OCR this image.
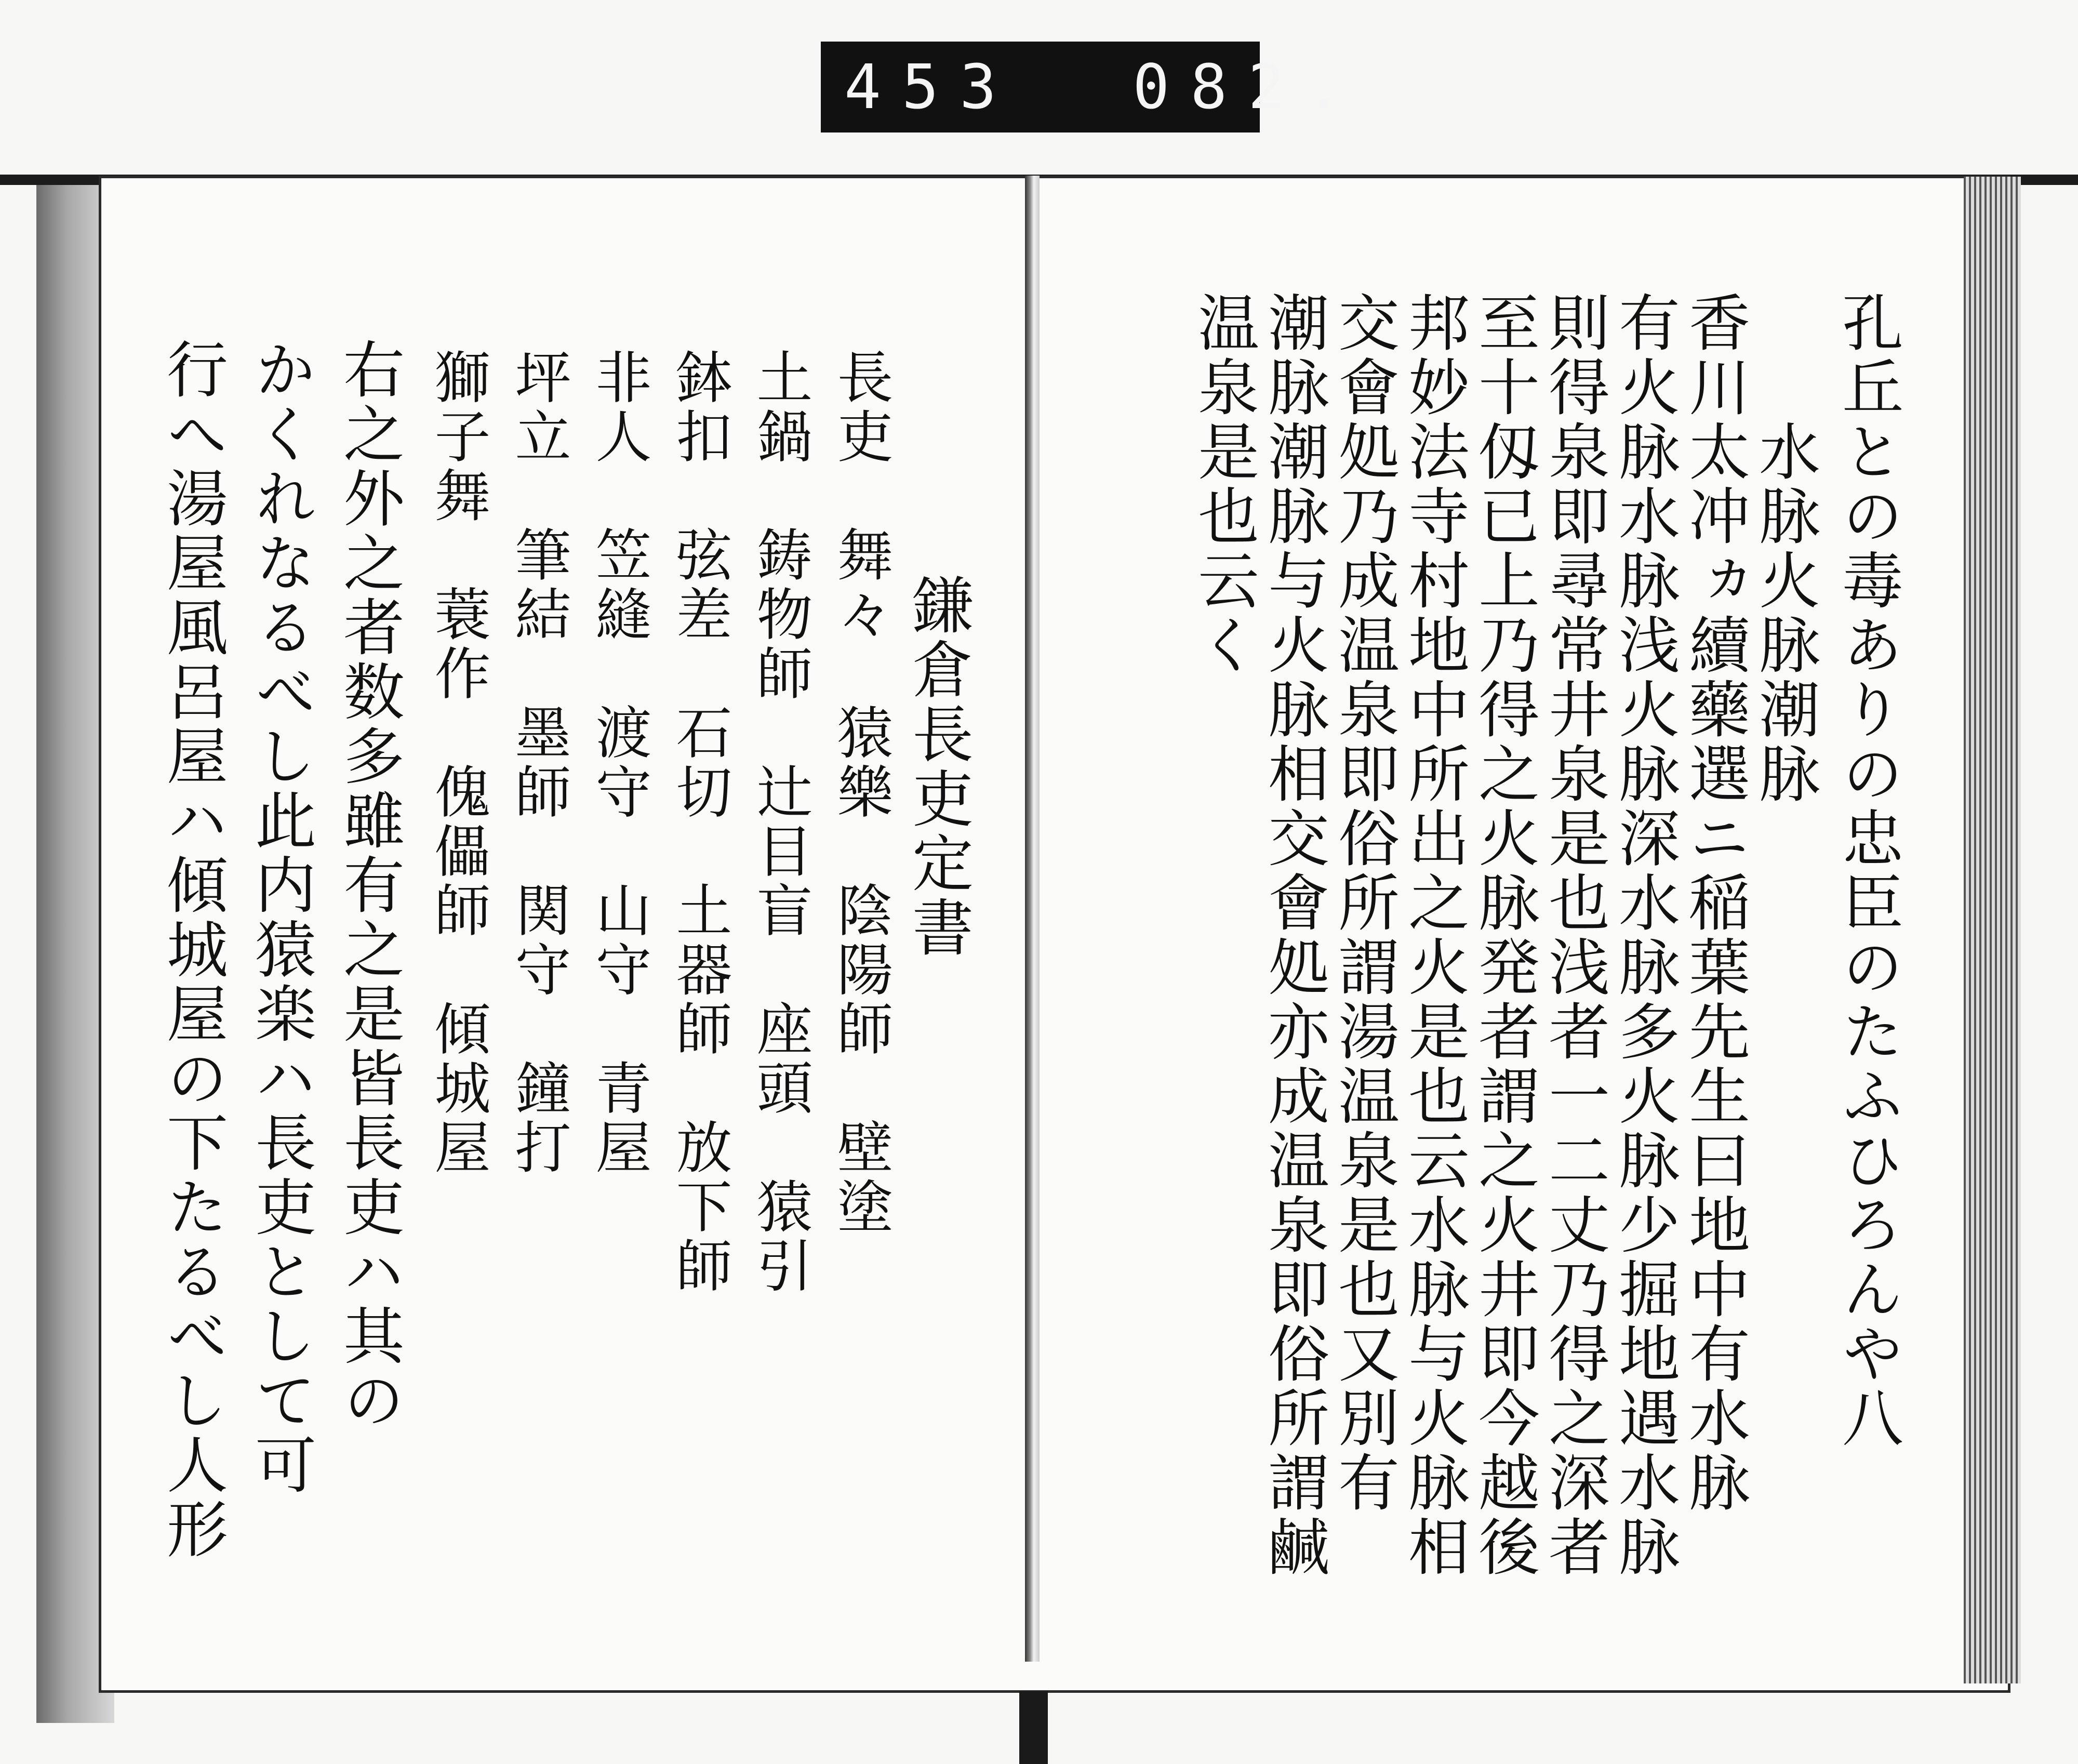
453  082.
孔丘との毒ありの忠臣のたふひろんや八
　　水脉火脉潮脉
香川太冲ヵ續藥選ニ稲葉先生曰地中有水脉
有火脉水脉浅火脉深水脉多火脉少掘地遇水脉
則得泉即尋常井泉是也浅者一二丈乃得之深者
至十仭已上乃得之火脉発者謂之火井即今越後
邦妙法寺村地中所出之火是也云水脉与火脉相
交會処乃成温泉即俗所謂湯温泉是也又別有
潮脉潮脉与火脉相交會処亦成温泉即俗所謂鹹
温泉是也云く
　鎌倉長吏定書
長吏　舞々　猿樂　陰陽師　壁塗
土鍋　鋳物師　辻目盲　座頭　猿引
鉢扣　弦差　石切　土器師　放下師
非人　笠縫　渡守　山守　青屋
坪立　筆結　墨師　関守　鐘打
獅子舞　蓑作　傀儡師　傾城屋
右之外之者数多雖有之是皆長吏ハ其の
かくれなるべし此内猿楽ハ長吏として可
行へ湯屋風呂屋ハ傾城屋の下たるべし人形
